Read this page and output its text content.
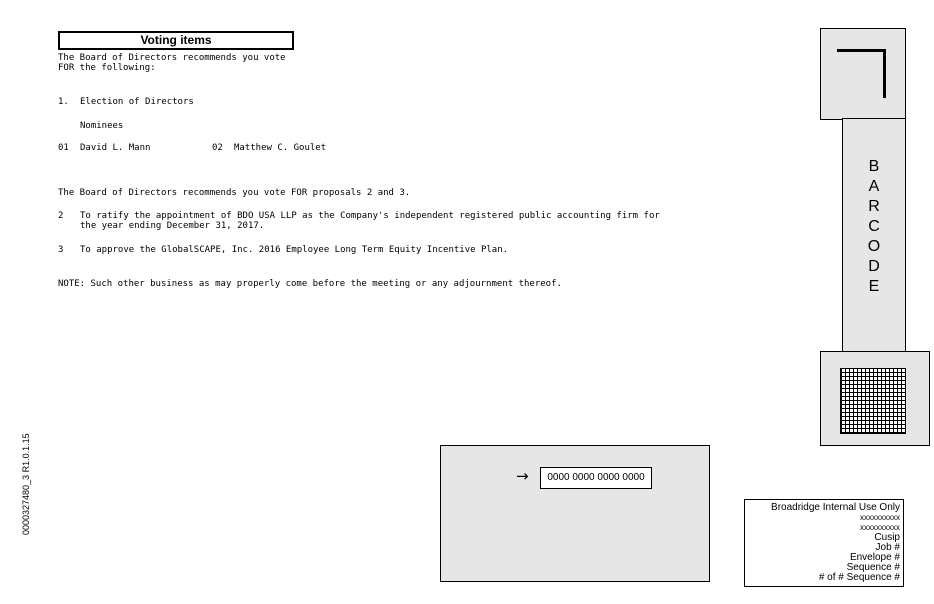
Voting items
The Board of Directors recommends you vote
FOR the following:
1. Election of Directors
Nominees
01 David L. Mann	02 Matthew C. Goulet
The Board of Directors recommends you vote FOR proposals 2 and 3.
2 To ratify the appointment of BDO USA LLP as the Company's independent registered public accounting firm for
the year ending December 31, 2017.
3 To approve the GlobalSCAPE, Inc. 2016 Employee Long Term Equity Incentive Plan.
NOTE: Such other business as may properly come before the meeting or any adjournment thereof.
0000327480_3 R1.0.1.15
B
A
R
C
O
D
E
→	0000 0000 0000 0000
Broadridge Internal Use Only
xxxxxxxxxx
xxxxxxxxxx
Cusip
Job #
Envelope #
Sequence #
# of # Sequence #
